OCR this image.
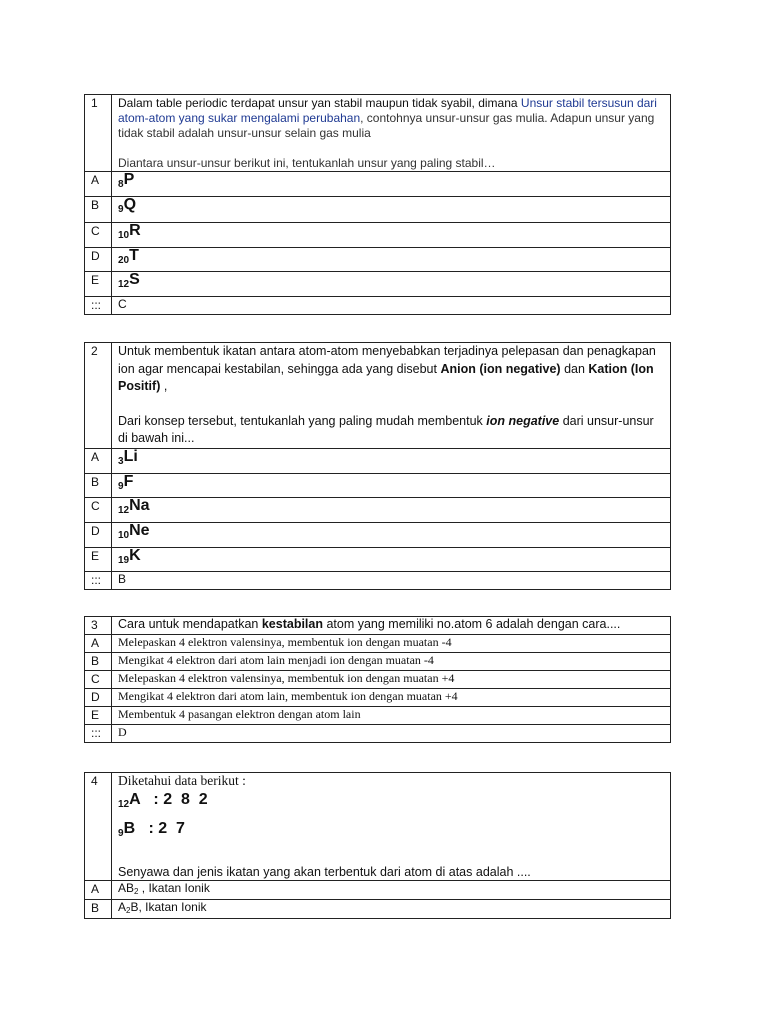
1	Dalam table periodic terdapat unsur yan stabil maupun tidak syabil, dimana Unsur stabil tersusun dari atom-atom yang sukar mengalami perubahan, contohnya unsur-unsur gas mulia. Adapun unsur yang tidak stabil adalah unsur-unsur selain gas mulia
Diantara unsur-unsur berikut ini, tentukanlah unsur yang paling stabil…

A	$_8$P
B	$_9$Q
C	$_{10}$R
D	$_{20}$T
E	$_{12}$S
:::	C
2	Untuk membentuk ikatan antara atom-atom menyebabkan terjadinya pelepasan dan penagkapan ion agar mencapai kestabilan, sehingga ada yang disebut Anion (ion negative) dan Kation (Ion Positif) ,
Dari konsep tersebut, tentukanlah yang paling mudah membentuk ion negative dari unsur-unsur di bawah ini...

A	$_3$Li
B	$_9$F
C	$_{12}$Na
D	$_{10}$Ne
E	$_{19}$K
:::	B
3	Cara untuk mendapatkan kestabilan atom yang memiliki no.atom 6 adalah dengan cara....
A	Melepaskan 4 elektron valensinya, membentuk ion dengan muatan -4
B	Mengikat 4 elektron dari atom lain menjadi ion dengan muatan -4
C	Melepaskan 4 elektron valensinya, membentuk ion dengan muatan +4
D	Mengikat 4 elektron dari atom lain, membentuk ion dengan muatan +4
E	Membentuk 4 pasangan elektron dengan atom lain
:::	D
4	Diketahui data berikut :
$_{12}$A   : 2  8  2
$_9$B   : 2  7
Senyawa dan jenis ikatan yang akan terbentuk dari atom di atas adalah ....

A	AB2 , Ikatan Ionik
B	A2B, Ikatan Ionik
